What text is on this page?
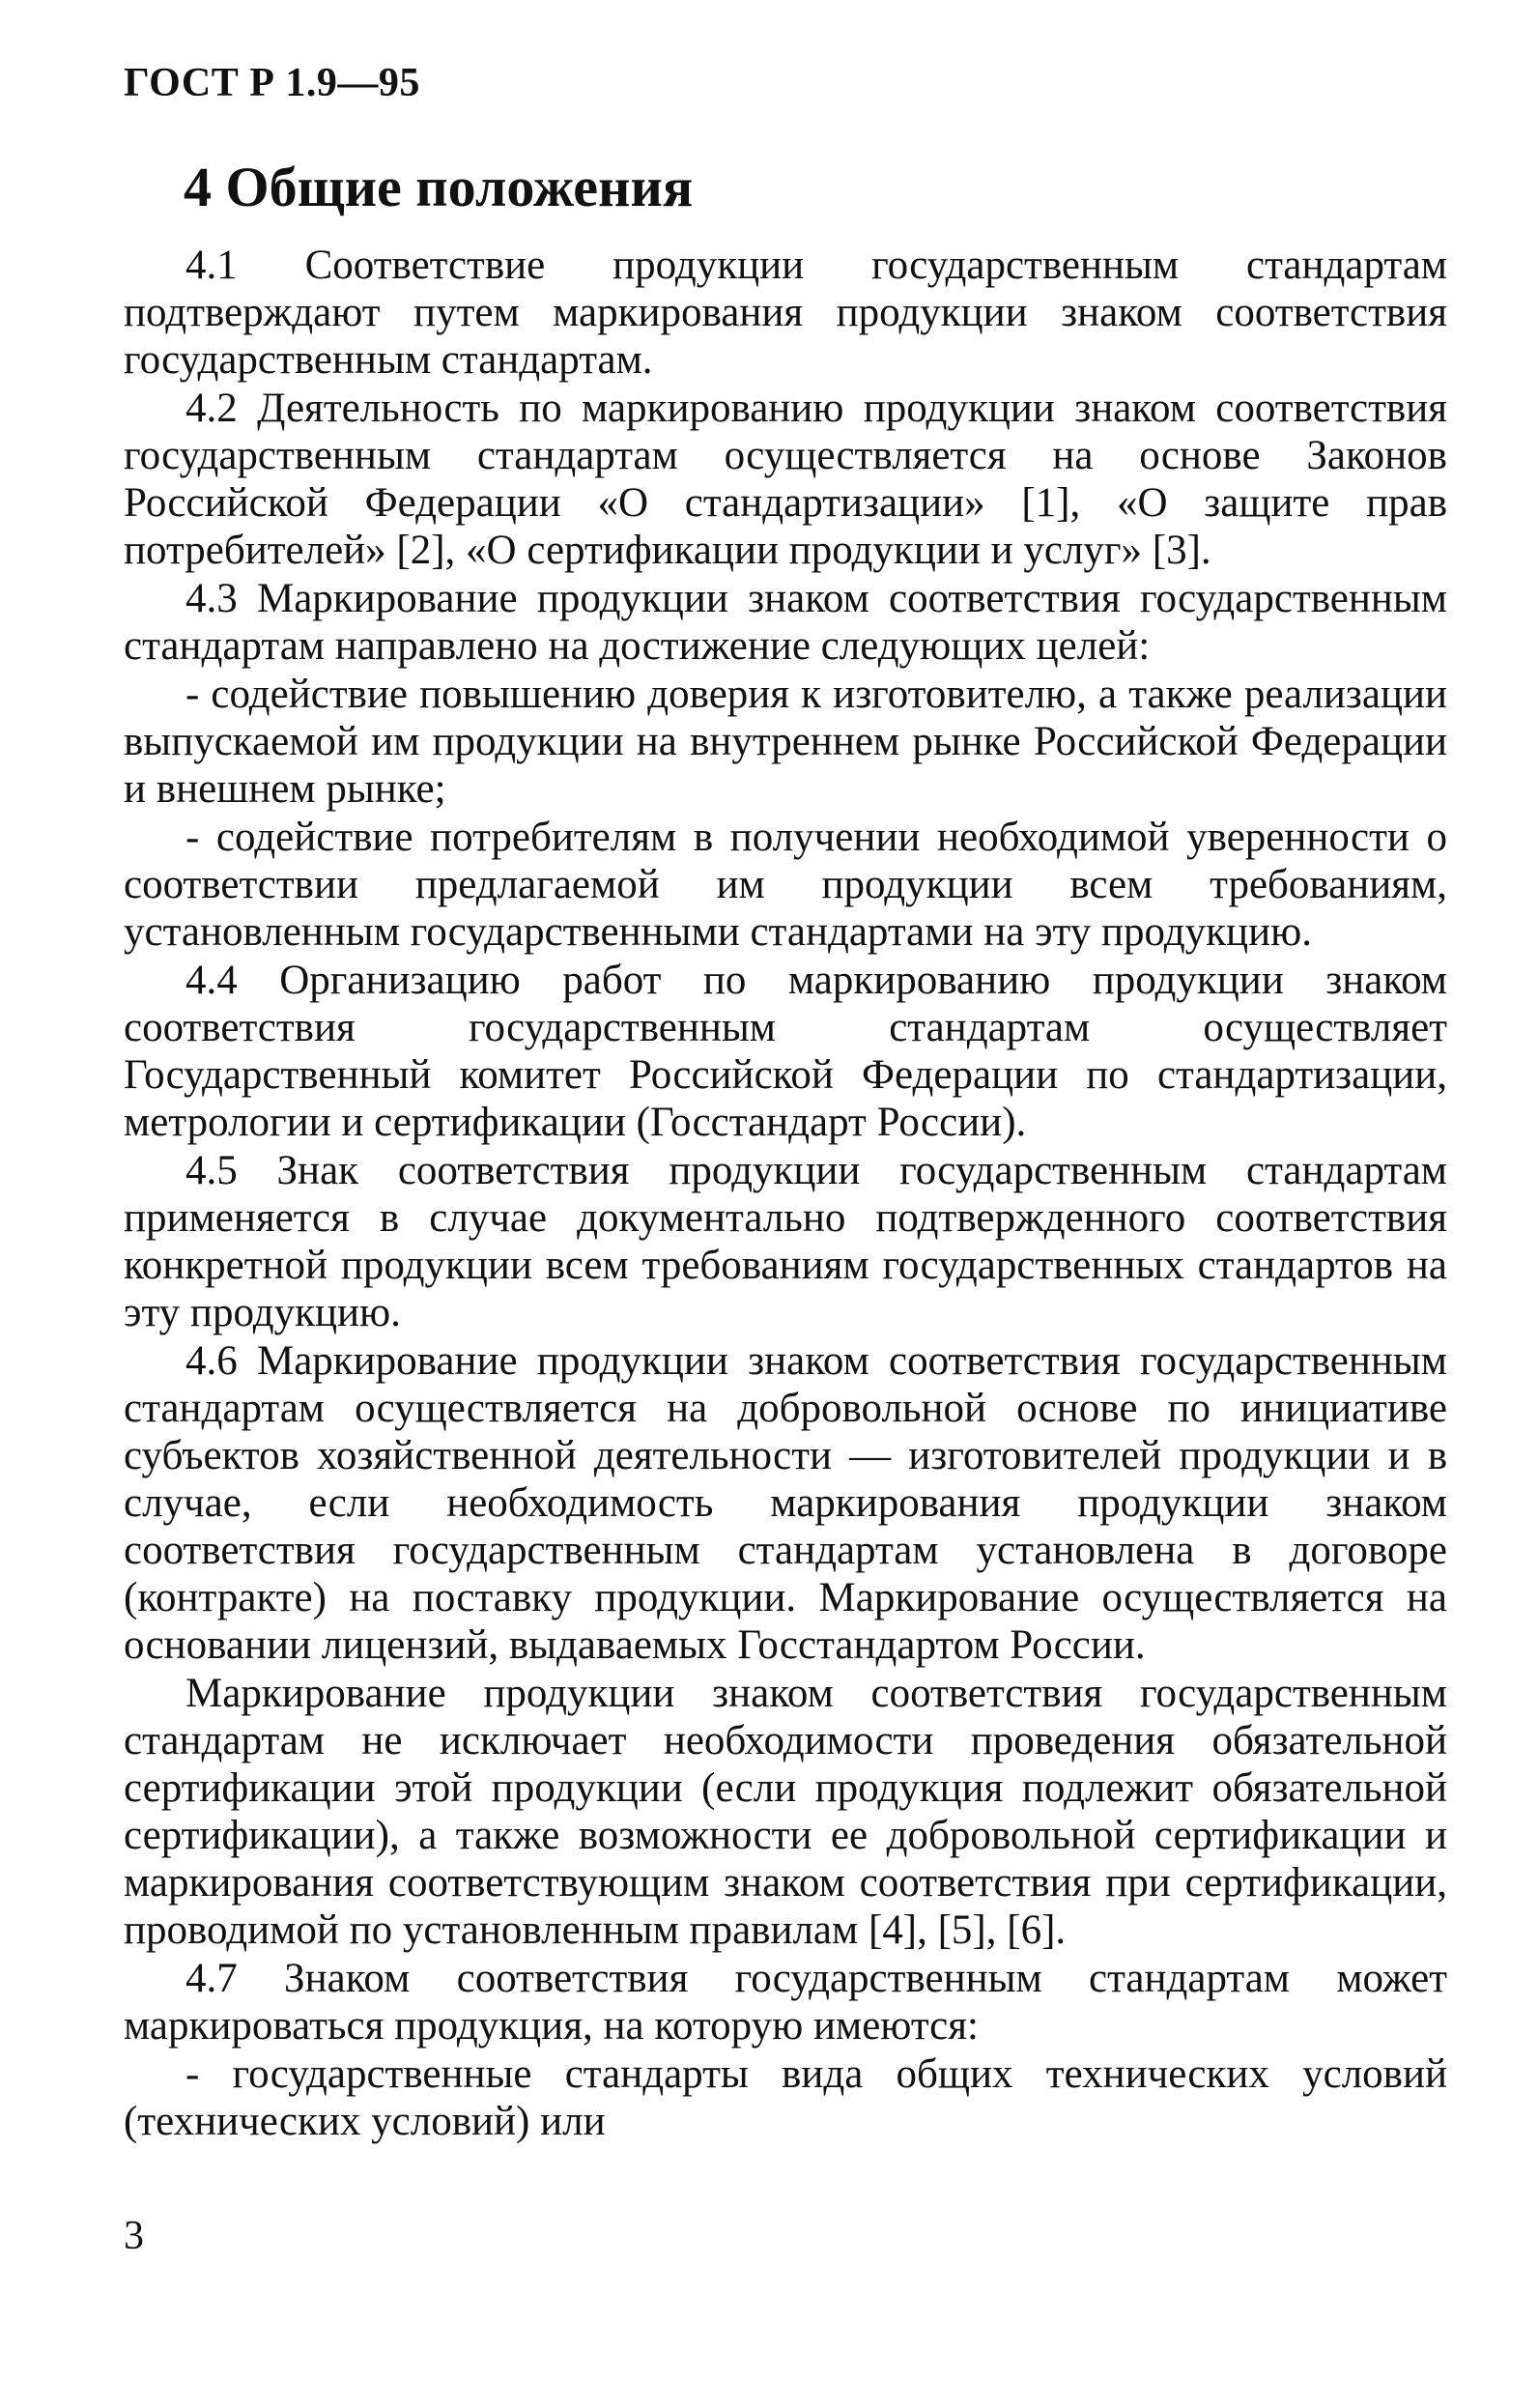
ГОСТ Р 1.9—95
4 Общие положения

4.1 Соответствие продукции государственным стандартам подтверждают путем маркирования продукции знаком соответствия государственным стандартам.

4.2 Деятельность по маркированию продукции знаком соответствия государственным стандартам осуществляется на основе Законов Российской Федерации «О стандартизации» [1], «О защите прав потребителей» [2], «О сертификации продукции и услуг» [3].

4.3 Маркирование продукции знаком соответствия государственным стандартам направлено на достижение следующих целей:

- содействие повышению доверия к изготовителю, а также реализации выпускаемой им продукции на внутреннем рынке Российской Федерации и внешнем рынке;

- содействие потребителям в получении необходимой уверенности о соответствии предлагаемой им продукции всем требованиям, установленным государственными стандартами на эту продукцию.

4.4 Организацию работ по маркированию продукции знаком соответствия государственным стандартам осуществляет Государственный комитет Российской Федерации по стандартизации, метрологии и сертификации (Госстандарт России).

4.5 Знак соответствия продукции государственным стандартам применяется в случае документально подтвержденного соответствия конкретной продукции всем требованиям государственных стандартов на эту продукцию.

4.6 Маркирование продукции знаком соответствия государственным стандартам осуществляется на добровольной основе по инициативе субъектов хозяйственной деятельности — изготовителей продукции и в случае, если необходимость маркирования продукции знаком соответствия государственным стандартам установлена в договоре (контракте) на поставку продукции. Маркирование осуществляется на основании лицензий, выдаваемых Госстандартом России.

Маркирование продукции знаком соответствия государственным стандартам не исключает необходимости проведения обязательной сертификации этой продукции (если продукция подлежит обязательной сертификации), а также возможности ее добровольной сертификации и маркирования соответствующим знаком соответствия при сертификации, проводимой по установленным правилам [4], [5], [6].

4.7 Знаком соответствия государственным стандартам может маркироваться продукция, на которую имеются:

- государственные стандарты вида общих технических условий (технических условий) или

3
